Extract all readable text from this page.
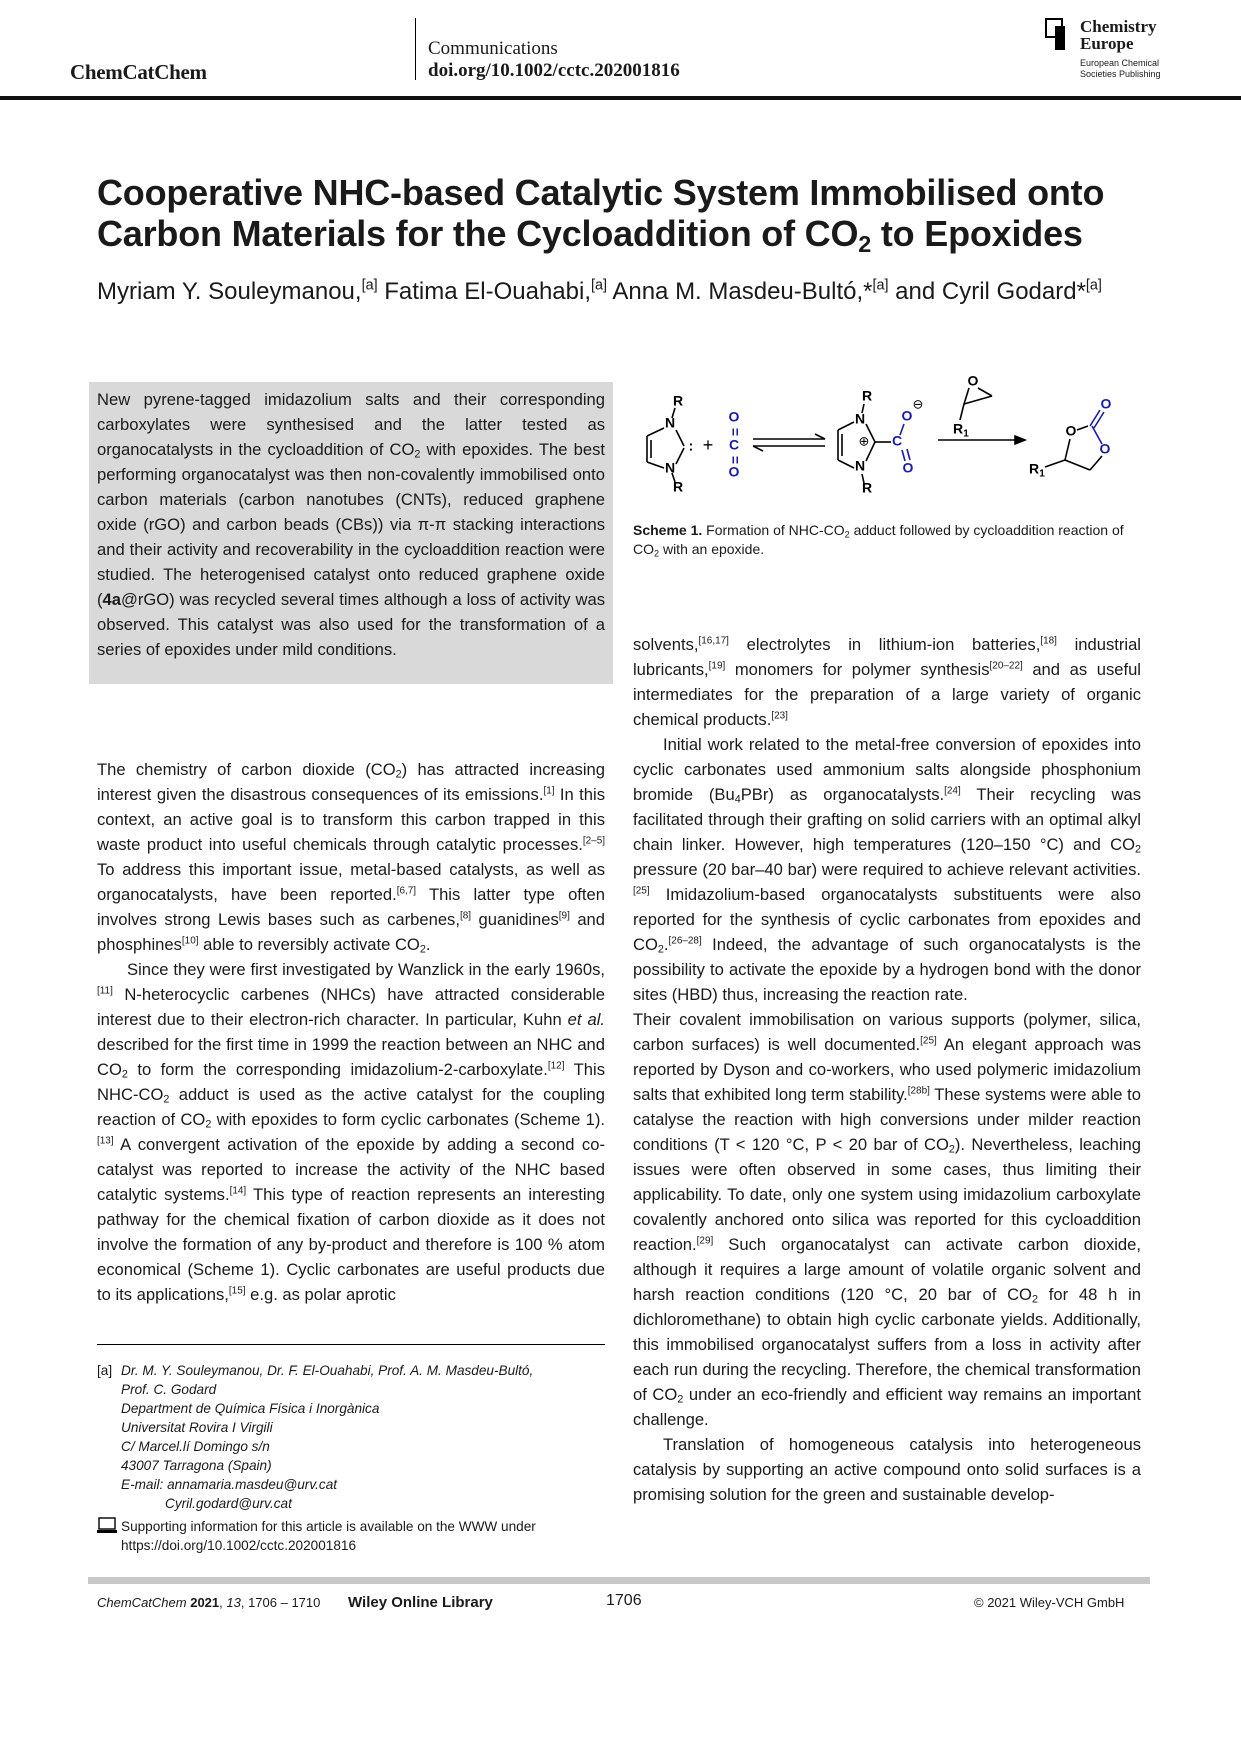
ChemCatChem
Communications
doi.org/10.1002/cctc.202001816
Chemistry
Europe
European Chemical
Societies Publishing
Cooperative NHC-based Catalytic System Immobilised onto Carbon Materials for the Cycloaddition of $CO_2$ to Epoxides
Myriam Y. Souleymanou,[a] Fatima El-Ouahabi,[a] Anna M. Masdeu-Bultó,*[a] and Cyril Godard*[a]
New pyrene-tagged imidazolium salts and their corresponding carboxylates were synthesised and the latter tested as organocatalysts in the cycloaddition of $CO_2$ with epoxides. The best performing organocatalyst was then non-covalently immobilised onto carbon materials (carbon nanotubes (CNTs), reduced graphene oxide (rGO) and carbon beads (CBs)) via π-π stacking interactions and their activity and recoverability in the cycloaddition reaction were studied. The heterogenised catalyst onto reduced graphene oxide (4a@rGO) was recycled several times although a loss of activity was observed. This catalyst was also used for the transformation of a series of epoxides under mild conditions.
R
N
N
R
: +
O
=
C
=
O
C
O
O
O
O
⊖
⊕
R
N
N
R
O
R 1	O
R 1
Scheme 1. Formation of NHC-$CO_2$ adduct followed by cycloaddition reaction of $CO_2$ with an epoxide.

The chemistry of carbon dioxide $(CO_2)$ has attracted increasing interest given the disastrous consequences of its emissions.[1] In this context, an active goal is to transform this carbon trapped in this waste product into useful chemicals through catalytic processes.[2–5] To address this important issue, metal-based catalysts, as well as organocatalysts, have been reported.[6,7] This latter type often involves strong Lewis bases such as carbenes,[8] guanidines[9] and phosphines[10] able to reversibly activate $CO_2$.

Since they were first investigated by Wanzlick in the early 1960s,[11] N-heterocyclic carbenes (NHCs) have attracted considerable interest due to their electron-rich character. In particular, Kuhn et al. described for the first time in 1999 the reaction between an NHC and $CO_2$ to form the corresponding imidazolium-2-carboxylate.[12] This NHC-$CO_2$ adduct is used as the active catalyst for the coupling reaction of $CO_2$ with epoxides to form cyclic carbonates (Scheme 1).[13] A convergent activation of the epoxide by adding a second co-catalyst was reported to increase the activity of the NHC based catalytic systems.[14] This type of reaction represents an interesting pathway for the chemical fixation of carbon dioxide as it does not involve the formation of any by-product and therefore is 100 % atom economical (Scheme 1). Cyclic carbonates are useful products due to its applications,[15] e.g. as polar aprotic

solvents,[16,17] electrolytes in lithium-ion batteries,[18] industrial lubricants,[19] monomers for polymer synthesis[20–22] and as useful intermediates for the preparation of a large variety of organic chemical products.[23]

Initial work related to the metal-free conversion of epoxides into cyclic carbonates used ammonium salts alongside phosphonium bromide $(Bu_4PBr)$ as organocatalysts.[24] Their recycling was facilitated through their grafting on solid carriers with an optimal alkyl chain linker. However, high temperatures (120–150 °C) and $CO_2$ pressure (20 bar–40 bar) were required to achieve relevant activities.[25] Imidazolium-based organocatalysts substituents were also reported for the synthesis of cyclic carbonates from epoxides and $CO_2.[26-28]$ Indeed, the advantage of such organocatalysts is the possibility to activate the epoxide by a hydrogen bond with the donor sites (HBD) thus, increasing the reaction rate.

Their covalent immobilisation on various supports (polymer, silica, carbon surfaces) is well documented.[25] An elegant approach was reported by Dyson and co-workers, who used polymeric imidazolium salts that exhibited long term stability.[28b] These systems were able to catalyse the reaction with high conversions under milder reaction conditions (T < 120 °C, P < 20 bar of $CO_2$). Nevertheless, leaching issues were often observed in some cases, thus limiting their applicability. To date, only one system using imidazolium carboxylate covalently anchored onto silica was reported for this cycloaddition reaction.[29] Such organocatalyst can activate carbon dioxide, although it requires a large amount of volatile organic solvent and harsh reaction conditions (120 °C, 20 bar of $CO_2$ for 48 h in dichloromethane) to obtain high cyclic carbonate yields. Additionally, this immobilised organocatalyst suffers from a loss in activity after each run during the recycling. Therefore, the chemical transformation of $CO_2$ under an eco-friendly and efficient way remains an important challenge.

Translation of homogeneous catalysis into heterogeneous catalysis by supporting an active compound onto solid surfaces is a promising solution for the green and sustainable develop-

[a] Dr. M. Y. Souleymanou, Dr. F. El-Ouahabi, Prof. A. M. Masdeu-Bultó,
Prof. C. Godard
Department de Química Física i Inorgànica
Universitat Rovira I Virgili
C/ Marcel.lí Domingo s/n
43007 Tarragona (Spain)
E-mail: annamaria.masdeu@urv.cat
Cyril.godard@urv.cat
Supporting information for this article is available on the WWW under https://doi.org/10.1002/cctc.202001816
ChemCatChem 2021, 13, 1706 – 1710 Wiley Online Library	1706	© 2021 Wiley-VCH GmbH
